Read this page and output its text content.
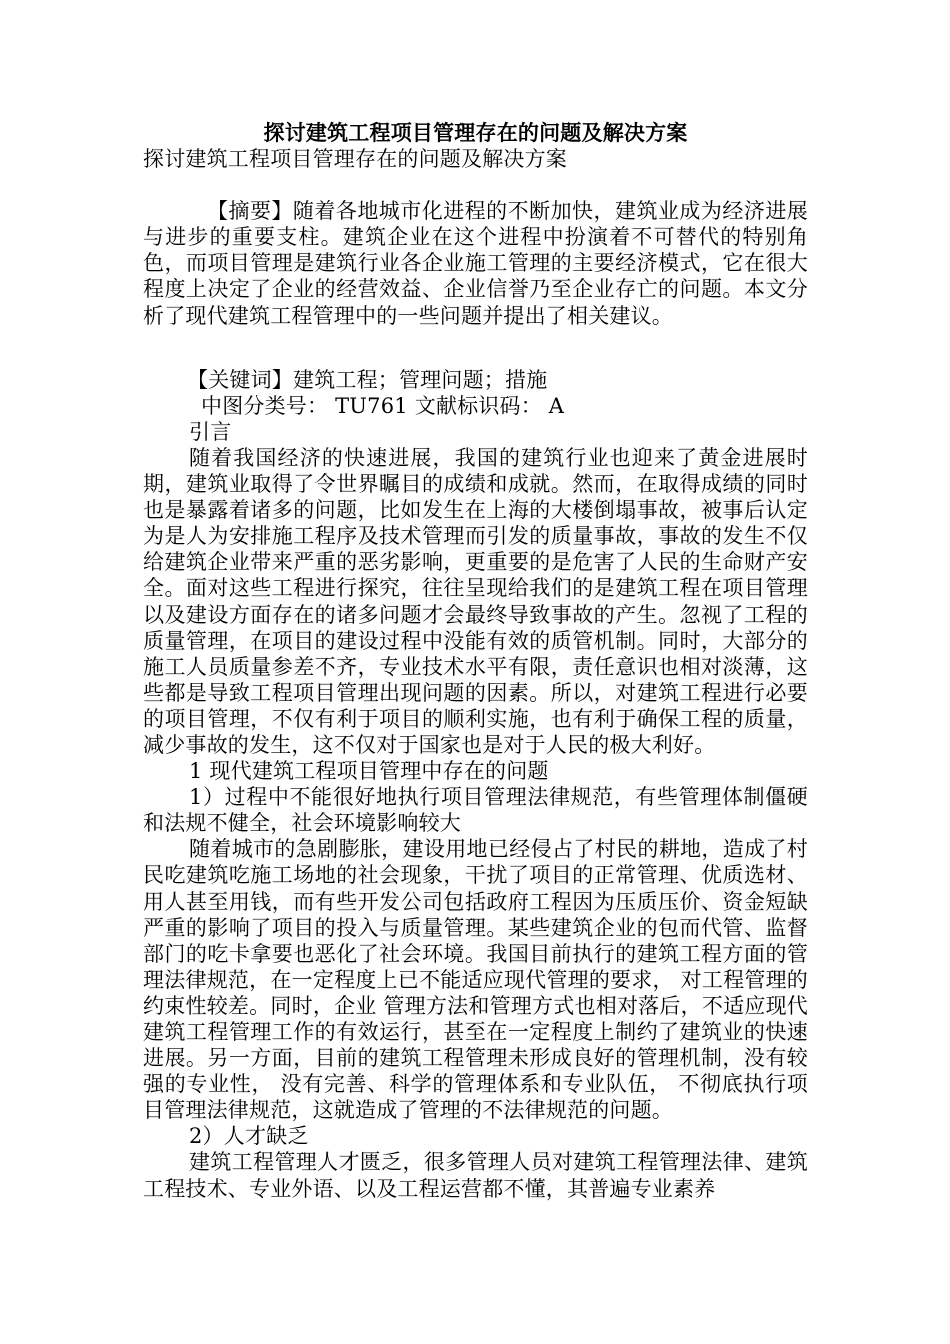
探讨建筑工程项目管理存在的问题及解决方案

探讨建筑工程项目管理存在的问题及解决方案

【摘要】随着各地城市化进程的不断加快，建筑业成为经济进展与进步的重要支柱。建筑企业在这个进程中扮演着不可替代的特别角色，而项目管理是建筑行业各企业施工管理的主要经济模式，它在很大程度上决定了企业的经营效益、企业信誉乃至企业存亡的问题。本文分析了现代建筑工程管理中的一些问题并提出了相关建议。

【关键词】建筑工程；管理问题；措施

中图分类号： TU761 文献标识码： A

引言

随着我国经济的快速进展，我国的建筑行业也迎来了黄金进展时期，建筑业取得了令世界瞩目的成绩和成就。然而，在取得成绩的同时也是暴露着诸多的问题，比如发生在上海的大楼倒塌事故，被事后认定为是人为安排施工程序及技术管理而引发的质量事故，事故的发生不仅给建筑企业带来严重的恶劣影响，更重要的是危害了人民的生命财产安全。面对这些工程进行探究，往往呈现给我们的是建筑工程在项目管理以及建设方面存在的诸多问题才会最终导致事故的产生。忽视了工程的质量管理，在项目的建设过程中没能有效的质管机制。同时，大部分的施工人员质量参差不齐，专业技术水平有限，责任意识也相对淡薄，这些都是导致工程项目管理出现问题的因素。所以，对建筑工程进行必要的项目管理，不仅有利于项目的顺利实施，也有利于确保工程的质量，减少事故的发生，这不仅对于国家也是对于人民的极大利好。

1 现代建筑工程项目管理中存在的问题

1）过程中不能很好地执行项目管理法律规范，有些管理体制僵硬和法规不健全，社会环境影响较大

随着城市的急剧膨胀，建设用地已经侵占了村民的耕地，造成了村民吃建筑吃施工场地的社会现象，干扰了项目的正常管理、优质选材、用人甚至用钱，而有些开发公司包括政府工程因为压质压价、资金短缺严重的影响了项目的投入与质量管理。某些建筑企业的包而代管、监督部门的吃卡拿要也恶化了社会环境。我国目前执行的建筑工程方面的管理法律规范，在一定程度上已不能适应现代管理的要求， 对工程管理的约束性较差。同时，企业 管理方法和管理方式也相对落后，不适应现代建筑工程管理工作的有效运行，甚至在一定程度上制约了建筑业的快速进展。另一方面，目前的建筑工程管理未形成良好的管理机制，没有较强的专业性， 没有完善、科学的管理体系和专业队伍， 不彻底执行项目管理法律规范，这就造成了管理的不法律规范的问题。

2）人才缺乏

建筑工程管理人才匮乏，很多管理人员对建筑工程管理法律、建筑工程技术、专业外语、以及工程运营都不懂，其普遍专业素养
